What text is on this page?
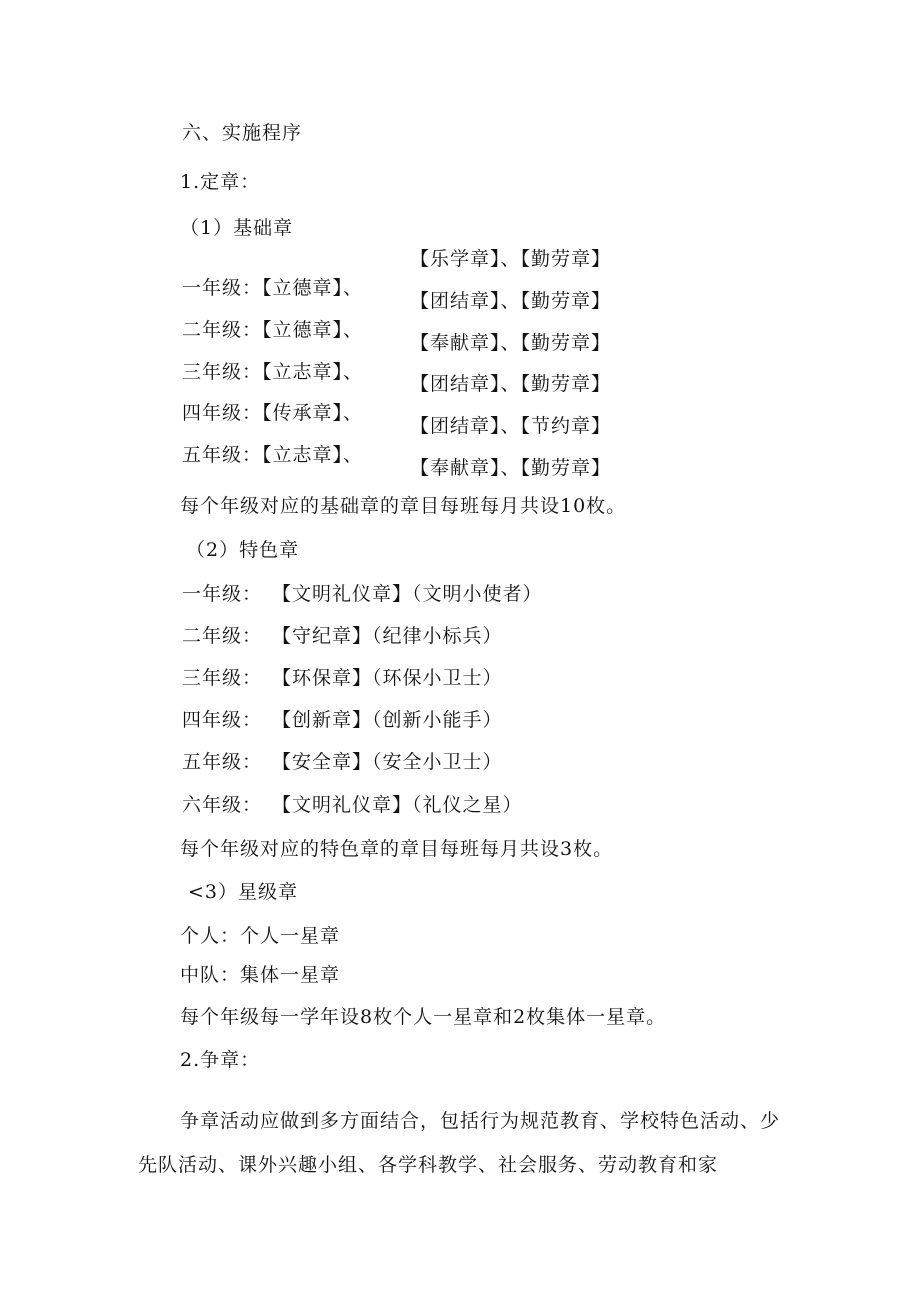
六、实施程序
1.定章：
（1）基础章
【乐学章】、【勤劳章】
一年级：【立德章】、
【团结章】、【勤劳章】
二年级：【立德章】、
【奉献章】、【勤劳章】
三年级：【立志章】、
【团结章】、【勤劳章】
四年级：【传承章】、
【团结章】、【节约章】
五年级：【立志章】、
【奉献章】、【勤劳章】
每个年级对应的基础章的章目每班每月共设10枚。
（2）特色章
一年级： 【文明礼仪章】（文明小使者）
二年级： 【守纪章】（纪律小标兵）
三年级： 【环保章】（环保小卫士）
四年级： 【创新章】（创新小能手）
五年级： 【安全章】（安全小卫士）
六年级： 【文明礼仪章】（礼仪之星）
每个年级对应的特色章的章目每班每月共设3枚。
<3）星级章
个人：个人一星章
中队：集体一星章
每个年级每一学年设8枚个人一星章和2枚集体一星章。
2.争章：
争章活动应做到多方面结合，包括行为规范教育、学校特色活动、少
先队活动、课外兴趣小组、各学科教学、社会服务、劳动教育和家
